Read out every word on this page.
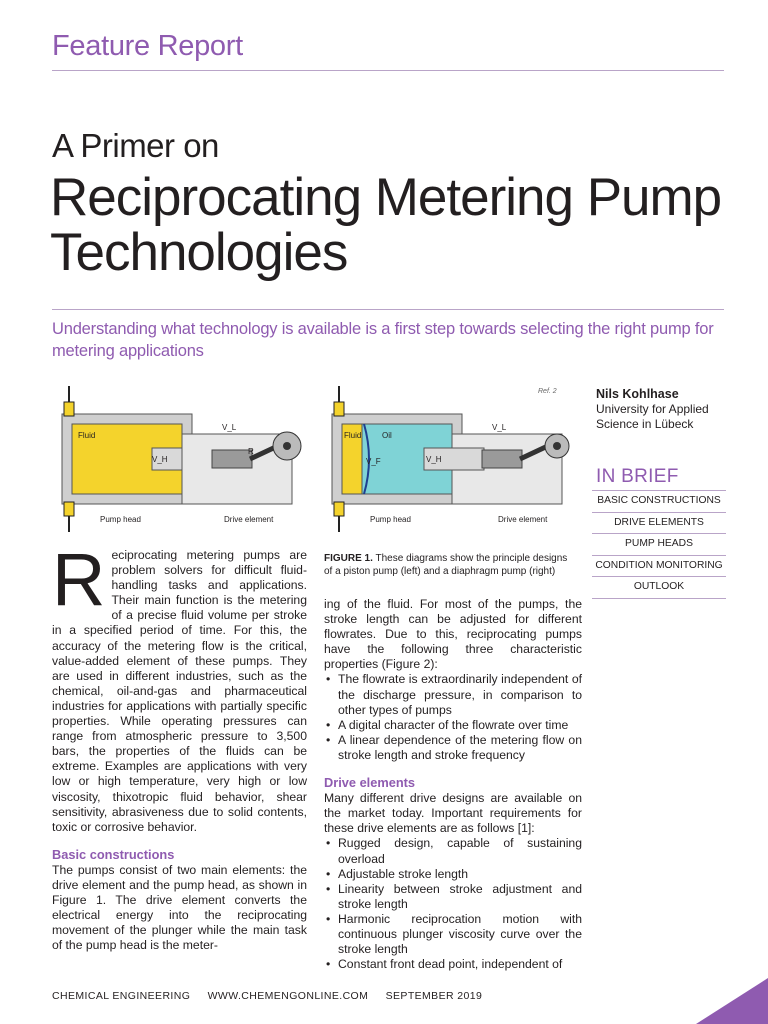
Feature Report
A Primer on
Reciprocating Metering Pump Technologies
Understanding what technology is available is a first step towards selecting the right pump for metering applications
Ref. 2
Fluid
V_H
V_L
R
Pump head	Drive element
Fluid	Oil
V_F	V_H
V_L
Pump head	Drive element
FIGURE 1. These diagrams show the principle designs of a piston pump (left) and a diaphragm pump (right)
Nils Kohlhase
University for Applied Science in Lübeck
IN BRIEF
BASIC CONSTRUCTIONS
DRIVE ELEMENTS
PUMP HEADS
CONDITION MONITORING
OUTLOOK

Reciprocating metering pumps are problem solvers for difficult fluid-handling tasks and applications. Their main function is the metering of a precise fluid volume per stroke in a specified period of time. For this, the accuracy of the metering flow is the critical, value-added element of these pumps. They are used in different industries, such as the chemical, oil-and-gas and pharmaceutical industries for applications with partially specific properties. While operating pressures can range from atmospheric pressure to 3,500 bars, the properties of the fluids can be extreme. Examples are applications with very low or high temperature, very high or low viscosity, thixotropic fluid behavior, shear sensitivity, abrasiveness due to solid contents, toxic or corrosive behavior.

Basic constructions

The pumps consist of two main elements: the drive element and the pump head, as shown in Figure 1. The drive element converts the electrical energy into the reciprocating movement of the plunger while the main task of the pump head is the meter-

ing of the fluid. For most of the pumps, the stroke length can be adjusted for different flowrates. Due to this, reciprocating pumps have the following three characteristic properties (Figure 2):

• The flowrate is extraordinarily independent of the discharge pressure, in comparison to other types of pumps
• A digital character of the flowrate over time
• A linear dependence of the metering flow on stroke length and stroke frequency
Drive elements

Many different drive designs are available on the market today. Important requirements for these drive elements are as follows [1]:

• Rugged design, capable of sustaining overload
• Adjustable stroke length
• Linearity between stroke adjustment and stroke length
• Harmonic reciprocation motion with continuous plunger viscosity curve over the stroke length
• Constant front dead point, independent of
CHEMICAL ENGINEERING WWW.CHEMENGONLINE.COM SEPTEMBER 2019	43
